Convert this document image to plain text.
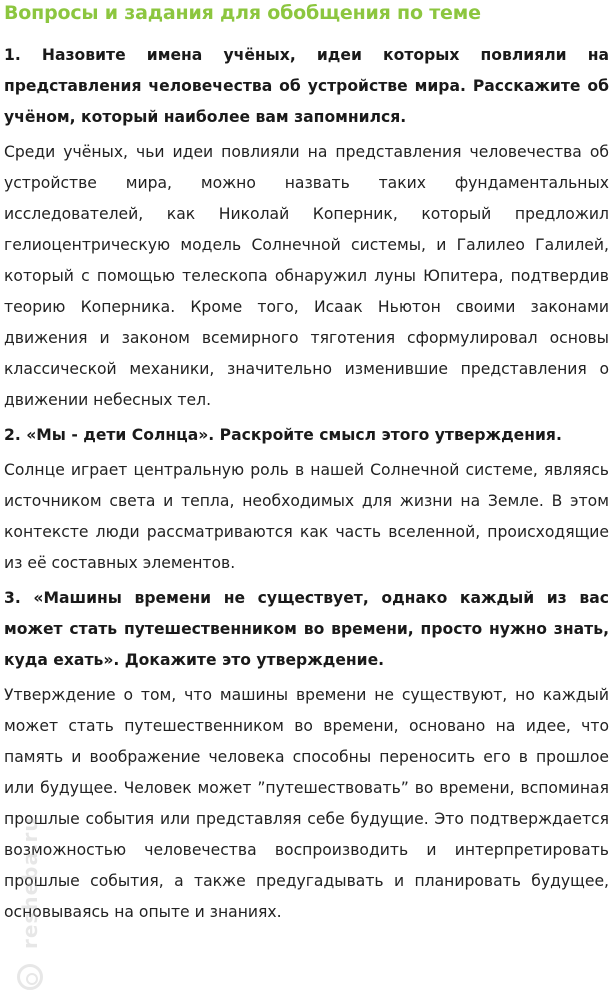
Вопросы и задания для обобщения по теме

1. Назовите имена учёных, идеи которых повлияли на представления человечества об устройстве мира. Расскажите об учёном, который наиболее вам запомнился.

Среди учёных, чьи идеи повлияли на представления человечества об устройстве мира, можно назвать таких фундаментальных исследователей, как Николай Коперник, который предложил гелиоцентрическую модель Солнечной системы, и Галилео Галилей, который с помощью телескопа обнаружил луны Юпитера, подтвердив теорию Коперника. Кроме того, Исаак Ньютон своими законами движения и законом всемирного тяготения сформулировал основы классической механики, значительно изменившие представления о движении небесных тел.

2. «Мы - дети Солнца». Раскройте смысл этого утверждения.

Солнце играет центральную роль в нашей Солнечной системе, являясь источником света и тепла, необходимых для жизни на Земле. В этом контексте люди рассматриваются как часть вселенной, происходящие из её составных элементов.

3. «Машины времени не существует, однако каждый из вас может стать путешественником во времени, просто нужно знать, куда ехать». Докажите это утверждение.

Утверждение о том, что машины времени не существуют, но каждый может стать путешественником во времени, основано на идее, что память и воображение человека способны переносить его в прошлое или будущее. Человек может ”путешествовать” во времени, вспоминая прошлые события или представляя себе будущие. Это подтверждается возможностью человечества воспроизводить и интерпретировать прошлые события, а также предугадывать и планировать будущее, основываясь на опыте и знаниях.

resheba.ru
